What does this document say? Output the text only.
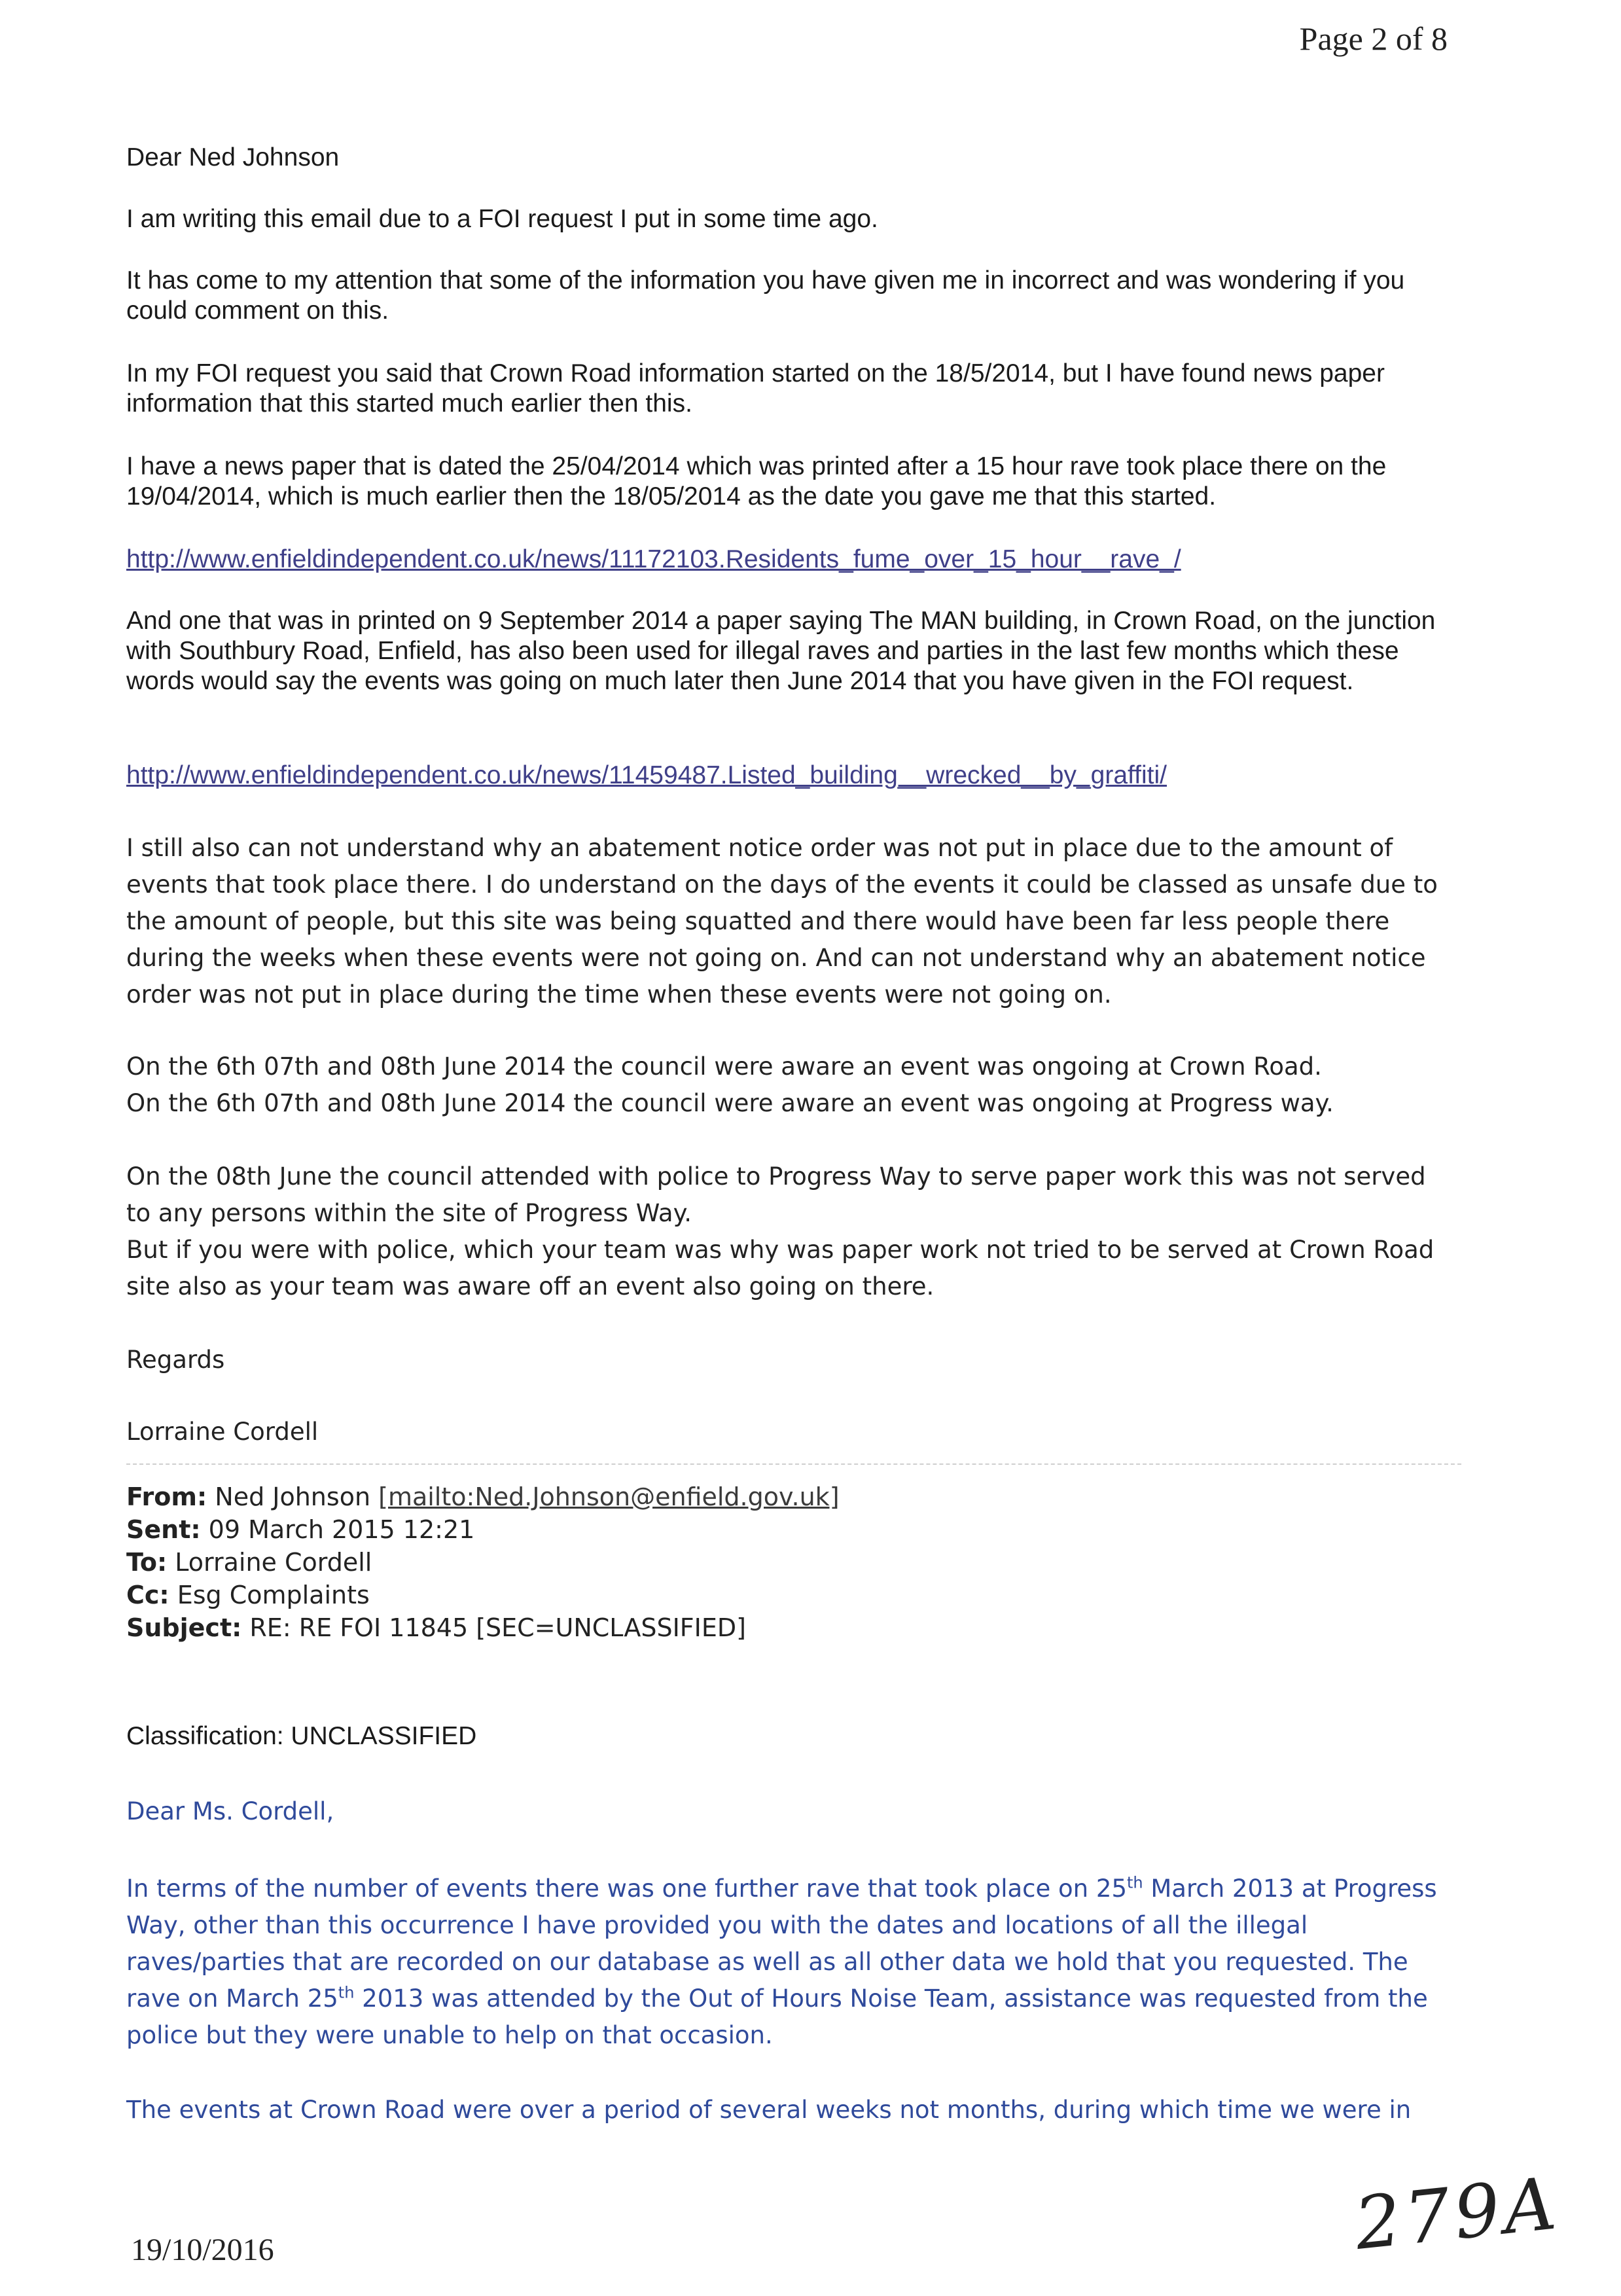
Page 2 of 8
Dear Ned Johnson
I am writing this email due to a FOI request I put in some time ago.
It has come to my attention that some of the information you have given me in incorrect and was wondering if you could comment on this.
In my FOI request you said that Crown Road information started on the 18/5/2014, but I have found news paper information that this started much earlier then this.
I have a news paper that is dated the 25/04/2014 which was printed after a 15 hour rave took place there on the 19/04/2014, which is much earlier then the 18/05/2014 as the date you gave me that this started.
http://www.enfieldindependent.co.uk/news/11172103.Residents_fume_over_15_hour__rave_/
And one that was in printed on 9 September 2014 a paper saying The MAN building, in Crown Road, on the junction with Southbury Road, Enfield, has also been used for illegal raves and parties in the last few months which these words would say the events was going on much later then June 2014 that you have given in the FOI request.
http://www.enfieldindependent.co.uk/news/11459487.Listed_building__wrecked__by_graffiti/
I still also can not understand why an abatement notice order was not put in place due to the amount of events that took place there. I do understand on the days of the events it could be classed as unsafe due to the amount of people, but this site was being squatted and there would have been far less people there during the weeks when these events were not going on. And can not understand why an abatement notice order was not put in place during the time when these events were not going on.
On the 6th 07th and 08th June 2014 the council were aware an event was ongoing at Crown Road.
On the 6th 07th and 08th June 2014 the council were aware an event was ongoing at Progress way.
On the 08th June the council attended with police to Progress Way to serve paper work this was not served to any persons within the site of Progress Way.
But if you were with police, which your team was why was paper work not tried to be served at Crown Road site also as your team was aware off an event also going on there.
Regards
Lorraine Cordell
From: Ned Johnson [mailto:Ned.Johnson@enfield.gov.uk]
Sent: 09 March 2015 12:21
To: Lorraine Cordell
Cc: Esg Complaints
Subject: RE: RE FOI 11845 [SEC=UNCLASSIFIED]
Classification: UNCLASSIFIED
Dear Ms. Cordell,

In terms of the number of events there was one further rave that took place on 25th March 2013 at Progress Way, other than this occurrence I have provided you with the dates and locations of all the illegal raves/parties that are recorded on our database as well as all other data we hold that you requested. The rave on March 25th 2013 was attended by the Out of Hours Noise Team, assistance was requested from the police but they were unable to help on that occasion.

The events at Crown Road were over a period of several weeks not months, during which time we were in
279A
19/10/2016
